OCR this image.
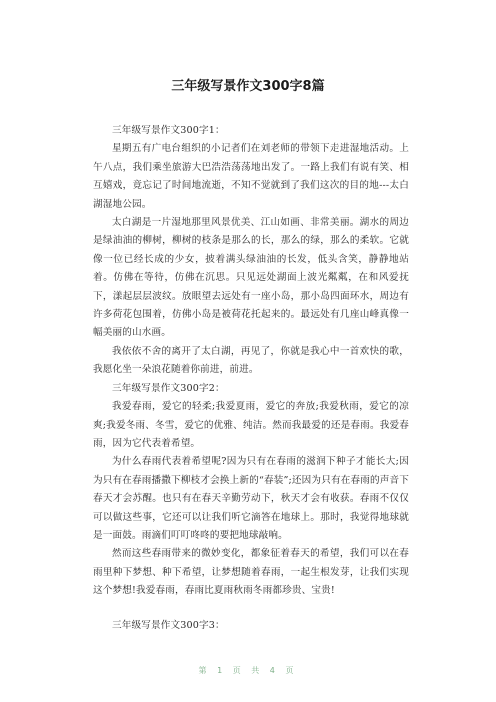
三年级写景作文300字8篇

三年级写景作文300字1：

星期五有广电台组织的小记者们在刘老师的带领下走进湿地活动。上午八点，我们乘坐旅游大巴浩浩荡荡地出发了。一路上我们有说有笑、相互嬉戏，竟忘记了时间地流逝，不知不觉就到了我们这次的目的地---太白湖湿地公园。

太白湖是一片湿地那里风景优美、江山如画、非常美丽。湖水的周边是绿油油的柳树，柳树的枝条是那么的长，那么的绿，那么的柔软。它就像一位已经长成的少女，披着满头绿油油的长发，低头含笑，静静地站着。仿佛在等待，仿佛在沉思。只见远处湖面上波光粼粼，在和风爱抚下，漾起层层波纹。放眼望去远处有一座小岛，那小岛四面环水，周边有许多荷花包围着，仿佛小岛是被荷花托起来的。最远处有几座山峰真像一幅美丽的山水画。

我依依不舍的离开了太白湖，再见了，你就是我心中一首欢快的歌，我愿化坐一朵浪花随着你前进，前进。

三年级写景作文300字2：

我爱春雨，爱它的轻柔;我爱夏雨，爱它的奔放;我爱秋雨，爱它的凉爽;我爱冬雨、冬雪，爱它的优雅、纯洁。然而我最爱的还是春雨。我爱春雨，因为它代表着希望。

为什么春雨代表着希望呢?因为只有在春雨的滋润下种子才能长大;因为只有在春雨播撒下柳枝才会换上新的“春装”;还因为只有在春雨的声音下春天才会苏醒。也只有在春天辛勤劳动下，秋天才会有收获。春雨不仅仅可以做这些事，它还可以让我们听它滴答在地球上。那时，我觉得地球就是一面鼓。雨滴们叮叮咚咚的要把地球敲响。

然而这些春雨带来的微妙变化，都象征着春天的希望，我们可以在春雨里种下梦想、种下希望，让梦想随着春雨，一起生根发芽，让我们实现这个梦想!我爱春雨，春雨比夏雨秋雨冬雨都珍贵、宝贵!

三年级写景作文300字3：

第 1 页 共 4 页
